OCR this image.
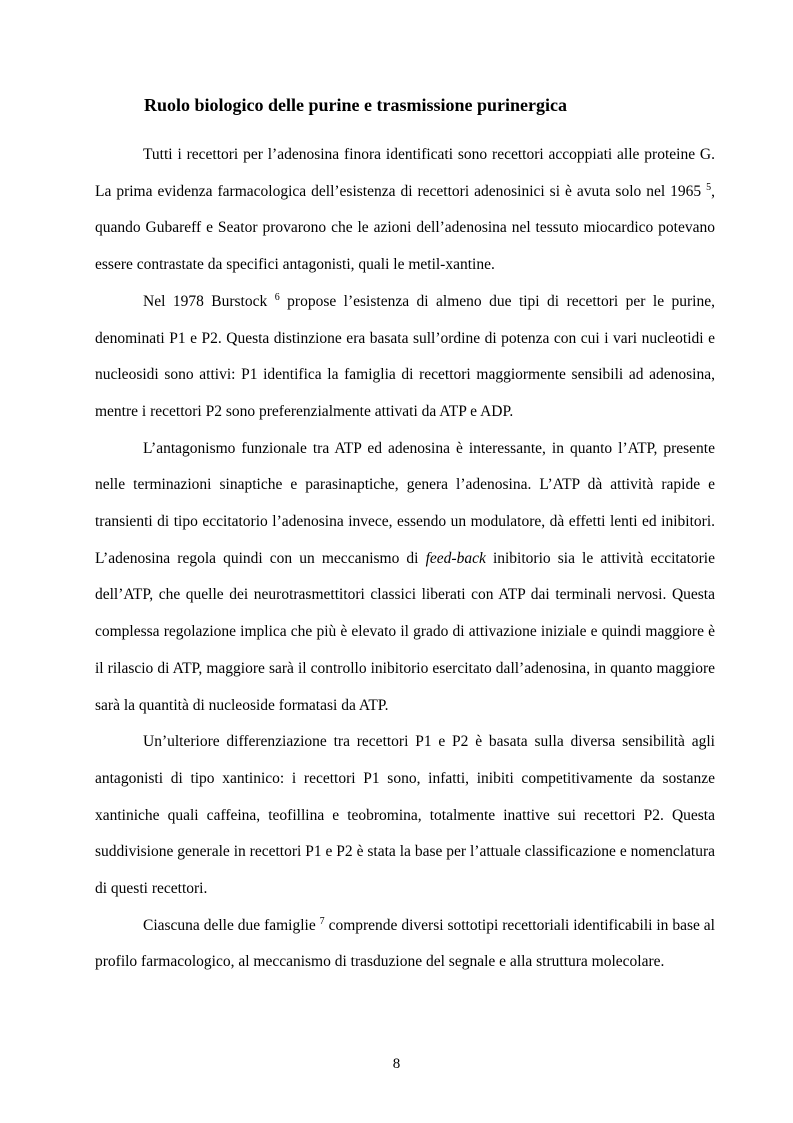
Ruolo biologico delle purine e trasmissione purinergica

Tutti i recettori per l’adenosina finora identificati sono recettori accoppiati alle proteine G. La prima evidenza farmacologica dell’esistenza di recettori adenosinici si è avuta solo nel 1965 $^5$, quando Gubareff e Seator provarono che le azioni dell’adenosina nel tessuto miocardico potevano essere contrastate da specifici antagonisti, quali le metil-xantine.

Nel 1978 Burstock $^6$ propose l’esistenza di almeno due tipi di recettori per le purine, denominati P1 e P2. Questa distinzione era basata sull’ordine di potenza con cui i vari nucleotidi e nucleosidi sono attivi: P1 identifica la famiglia di recettori maggiormente sensibili ad adenosina, mentre i recettori P2 sono preferenzialmente attivati da ATP e ADP.

L’antagonismo funzionale tra ATP ed adenosina è interessante, in quanto l’ATP, presente nelle terminazioni sinaptiche e parasinaptiche, genera l’adenosina. L’ATP dà attività rapide e transienti di tipo eccitatorio l’adenosina invece, essendo un modulatore, dà effetti lenti ed inibitori. L’adenosina regola quindi con un meccanismo di feed-back inibitorio sia le attività eccitatorie dell’ATP, che quelle dei neurotrasmettitori classici liberati con ATP dai terminali nervosi. Questa complessa regolazione implica che più è elevato il grado di attivazione iniziale e quindi maggiore è il rilascio di ATP, maggiore sarà il controllo inibitorio esercitato dall’adenosina, in quanto maggiore sarà la quantità di nucleoside formatasi da ATP.

Un’ulteriore differenziazione tra recettori P1 e P2 è basata sulla diversa sensibilità agli antagonisti di tipo xantinico: i recettori P1 sono, infatti, inibiti competitivamente da sostanze xantiniche quali caffeina, teofillina e teobromina, totalmente inattive sui recettori P2. Questa suddivisione generale in recettori P1 e P2 è stata la base per l’attuale classificazione e nomenclatura di questi recettori.

Ciascuna delle due famiglie $^7$ comprende diversi sottotipi recettoriali identificabili in base al profilo farmacologico, al meccanismo di trasduzione del segnale e alla struttura molecolare.

8
